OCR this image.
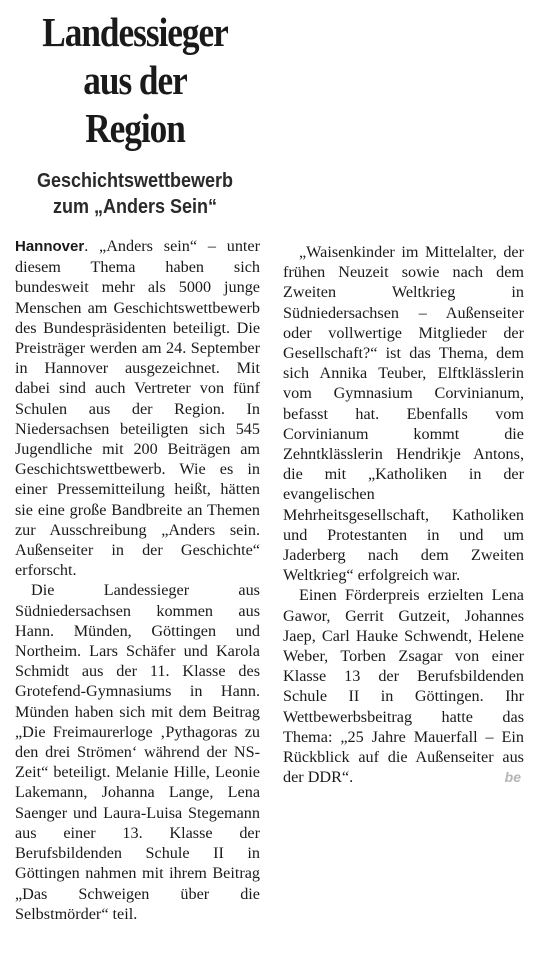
Landessieger
aus der
Region
Geschichtswettbewerb
zum „Anders Sein“

Hannover. „Anders sein“ – unter diesem Thema haben sich bundesweit mehr als 5000 junge Menschen am Geschichtswettbewerb des Bundespräsidenten beteiligt. Die Preisträger werden am 24. September in Hannover ausgezeichnet. Mit dabei sind auch Vertreter von fünf Schulen aus der Region. In Niedersachsen beteiligten sich 545 Jugendliche mit 200 Beiträgen am Geschichtswettbewerb. Wie es in einer Pressemitteilung heißt, hätten sie eine große Bandbreite an Themen zur Ausschreibung „Anders sein. Außenseiter in der Geschichte“ erforscht.

Die Landessieger aus Südniedersachsen kommen aus Hann. Münden, Göttingen und Northeim. Lars Schäfer und Karola Schmidt aus der 11. Klasse des Grotefend-Gymnasiums in Hann. Münden haben sich mit dem Beitrag „Die Freimaurerloge ‚Pythagoras zu den drei Strömen‘ während der NS-Zeit“ beteiligt. Melanie Hille, Leonie Lakemann, Johanna Lange, Lena Saenger und Laura-Luisa Stegemann aus einer 13. Klasse der Berufsbildenden Schule II in Göttingen nahmen mit ihrem Beitrag „Das Schweigen über die Selbstmörder“ teil.

„Waisenkinder im Mittelalter, der frühen Neuzeit sowie nach dem Zweiten Weltkrieg in Südniedersachsen – Außenseiter oder vollwertige Mitglieder der Gesellschaft?“ ist das Thema, dem sich Annika Teuber, Elftklässlerin vom Gymnasium Corvinianum, befasst hat. Ebenfalls vom Corvinianum kommt die Zehntklässlerin Hendrikje Antons, die mit „Katholiken in der evangelischen Mehrheitsgesellschaft, Katholiken und Protestanten in und um Jaderberg nach dem Zweiten Weltkrieg“ erfolgreich war.

Einen Förderpreis erzielten Lena Gawor, Gerrit Gutzeit, Johannes Jaep, Carl Hauke Schwendt, Helene Weber, Torben Zsagar von einer Klasse 13 der Berufsbildenden Schule II in Göttingen. Ihr Wettbewerbsbeitrag hatte das Thema: „25 Jahre Mauerfall – Ein Rückblick auf die Außenseiter aus der DDR“.	be
